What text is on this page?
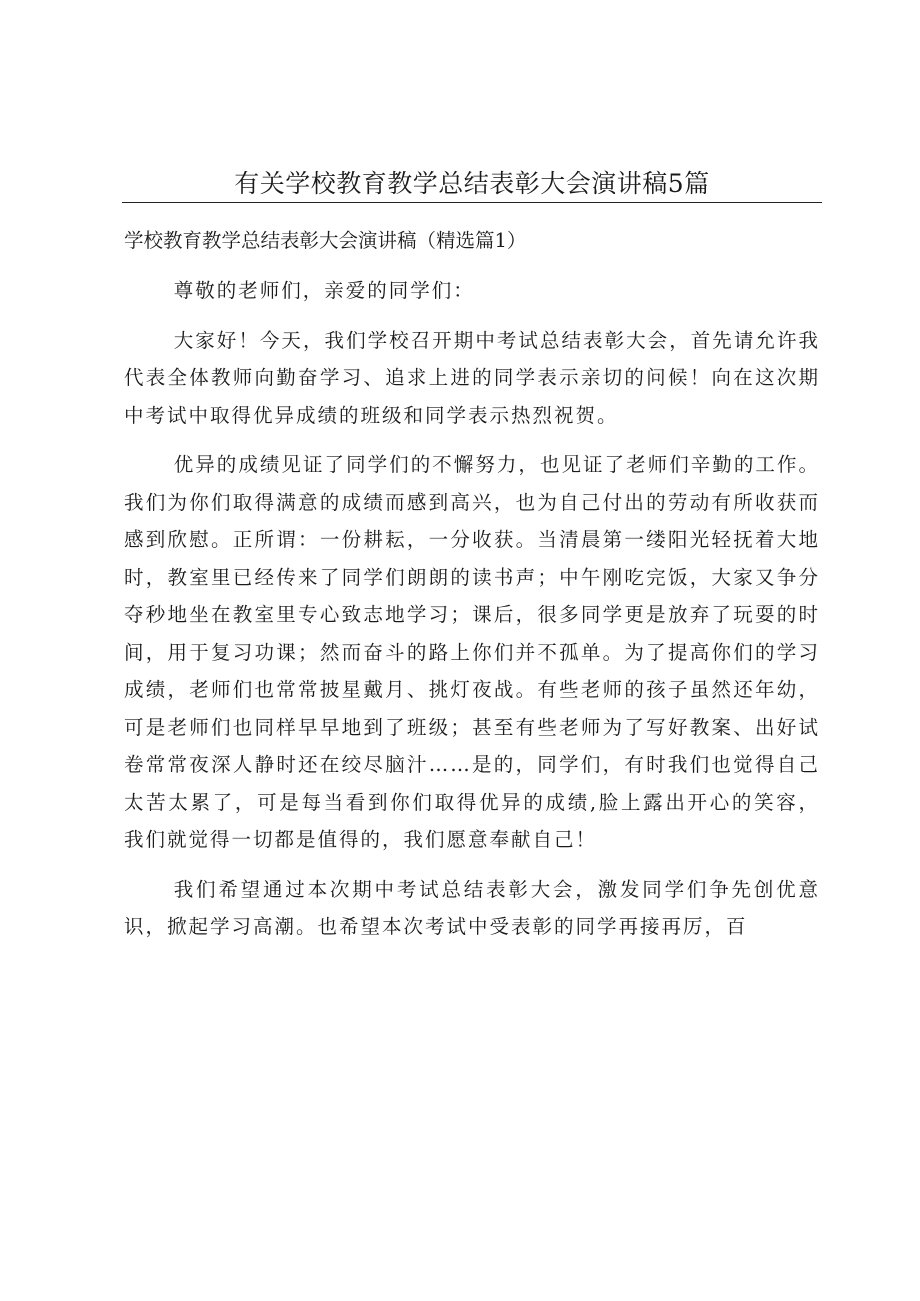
有关学校教育教学总结表彰大会演讲稿5篇
学校教育教学总结表彰大会演讲稿（精选篇1）

尊敬的老师们，亲爱的同学们：

大家好！今天，我们学校召开期中考试总结表彰大会，首先请允许我代表全体教师向勤奋学习、追求上进的同学表示亲切的问候！向在这次期中考试中取得优异成绩的班级和同学表示热烈祝贺。

优异的成绩见证了同学们的不懈努力，也见证了老师们辛勤的工作。我们为你们取得满意的成绩而感到高兴，也为自己付出的劳动有所收获而感到欣慰。正所谓：一份耕耘，一分收获。当清晨第一缕阳光轻抚着大地时，教室里已经传来了同学们朗朗的读书声；中午刚吃完饭，大家又争分夺秒地坐在教室里专心致志地学习；课后，很多同学更是放弃了玩耍的时间，用于复习功课；然而奋斗的路上你们并不孤单。为了提高你们的学习成绩，老师们也常常披星戴月、挑灯夜战。有些老师的孩子虽然还年幼，可是老师们也同样早早地到了班级；甚至有些老师为了写好教案、出好试卷常常夜深人静时还在绞尽脑汁……是的，同学们，有时我们也觉得自己太苦太累了，可是每当看到你们取得优异的成绩,脸上露出开心的笑容，我们就觉得一切都是值得的，我们愿意奉献自己！

我们希望通过本次期中考试总结表彰大会，激发同学们争先创优意识，掀起学习高潮。也希望本次考试中受表彰的同学再接再厉，百
